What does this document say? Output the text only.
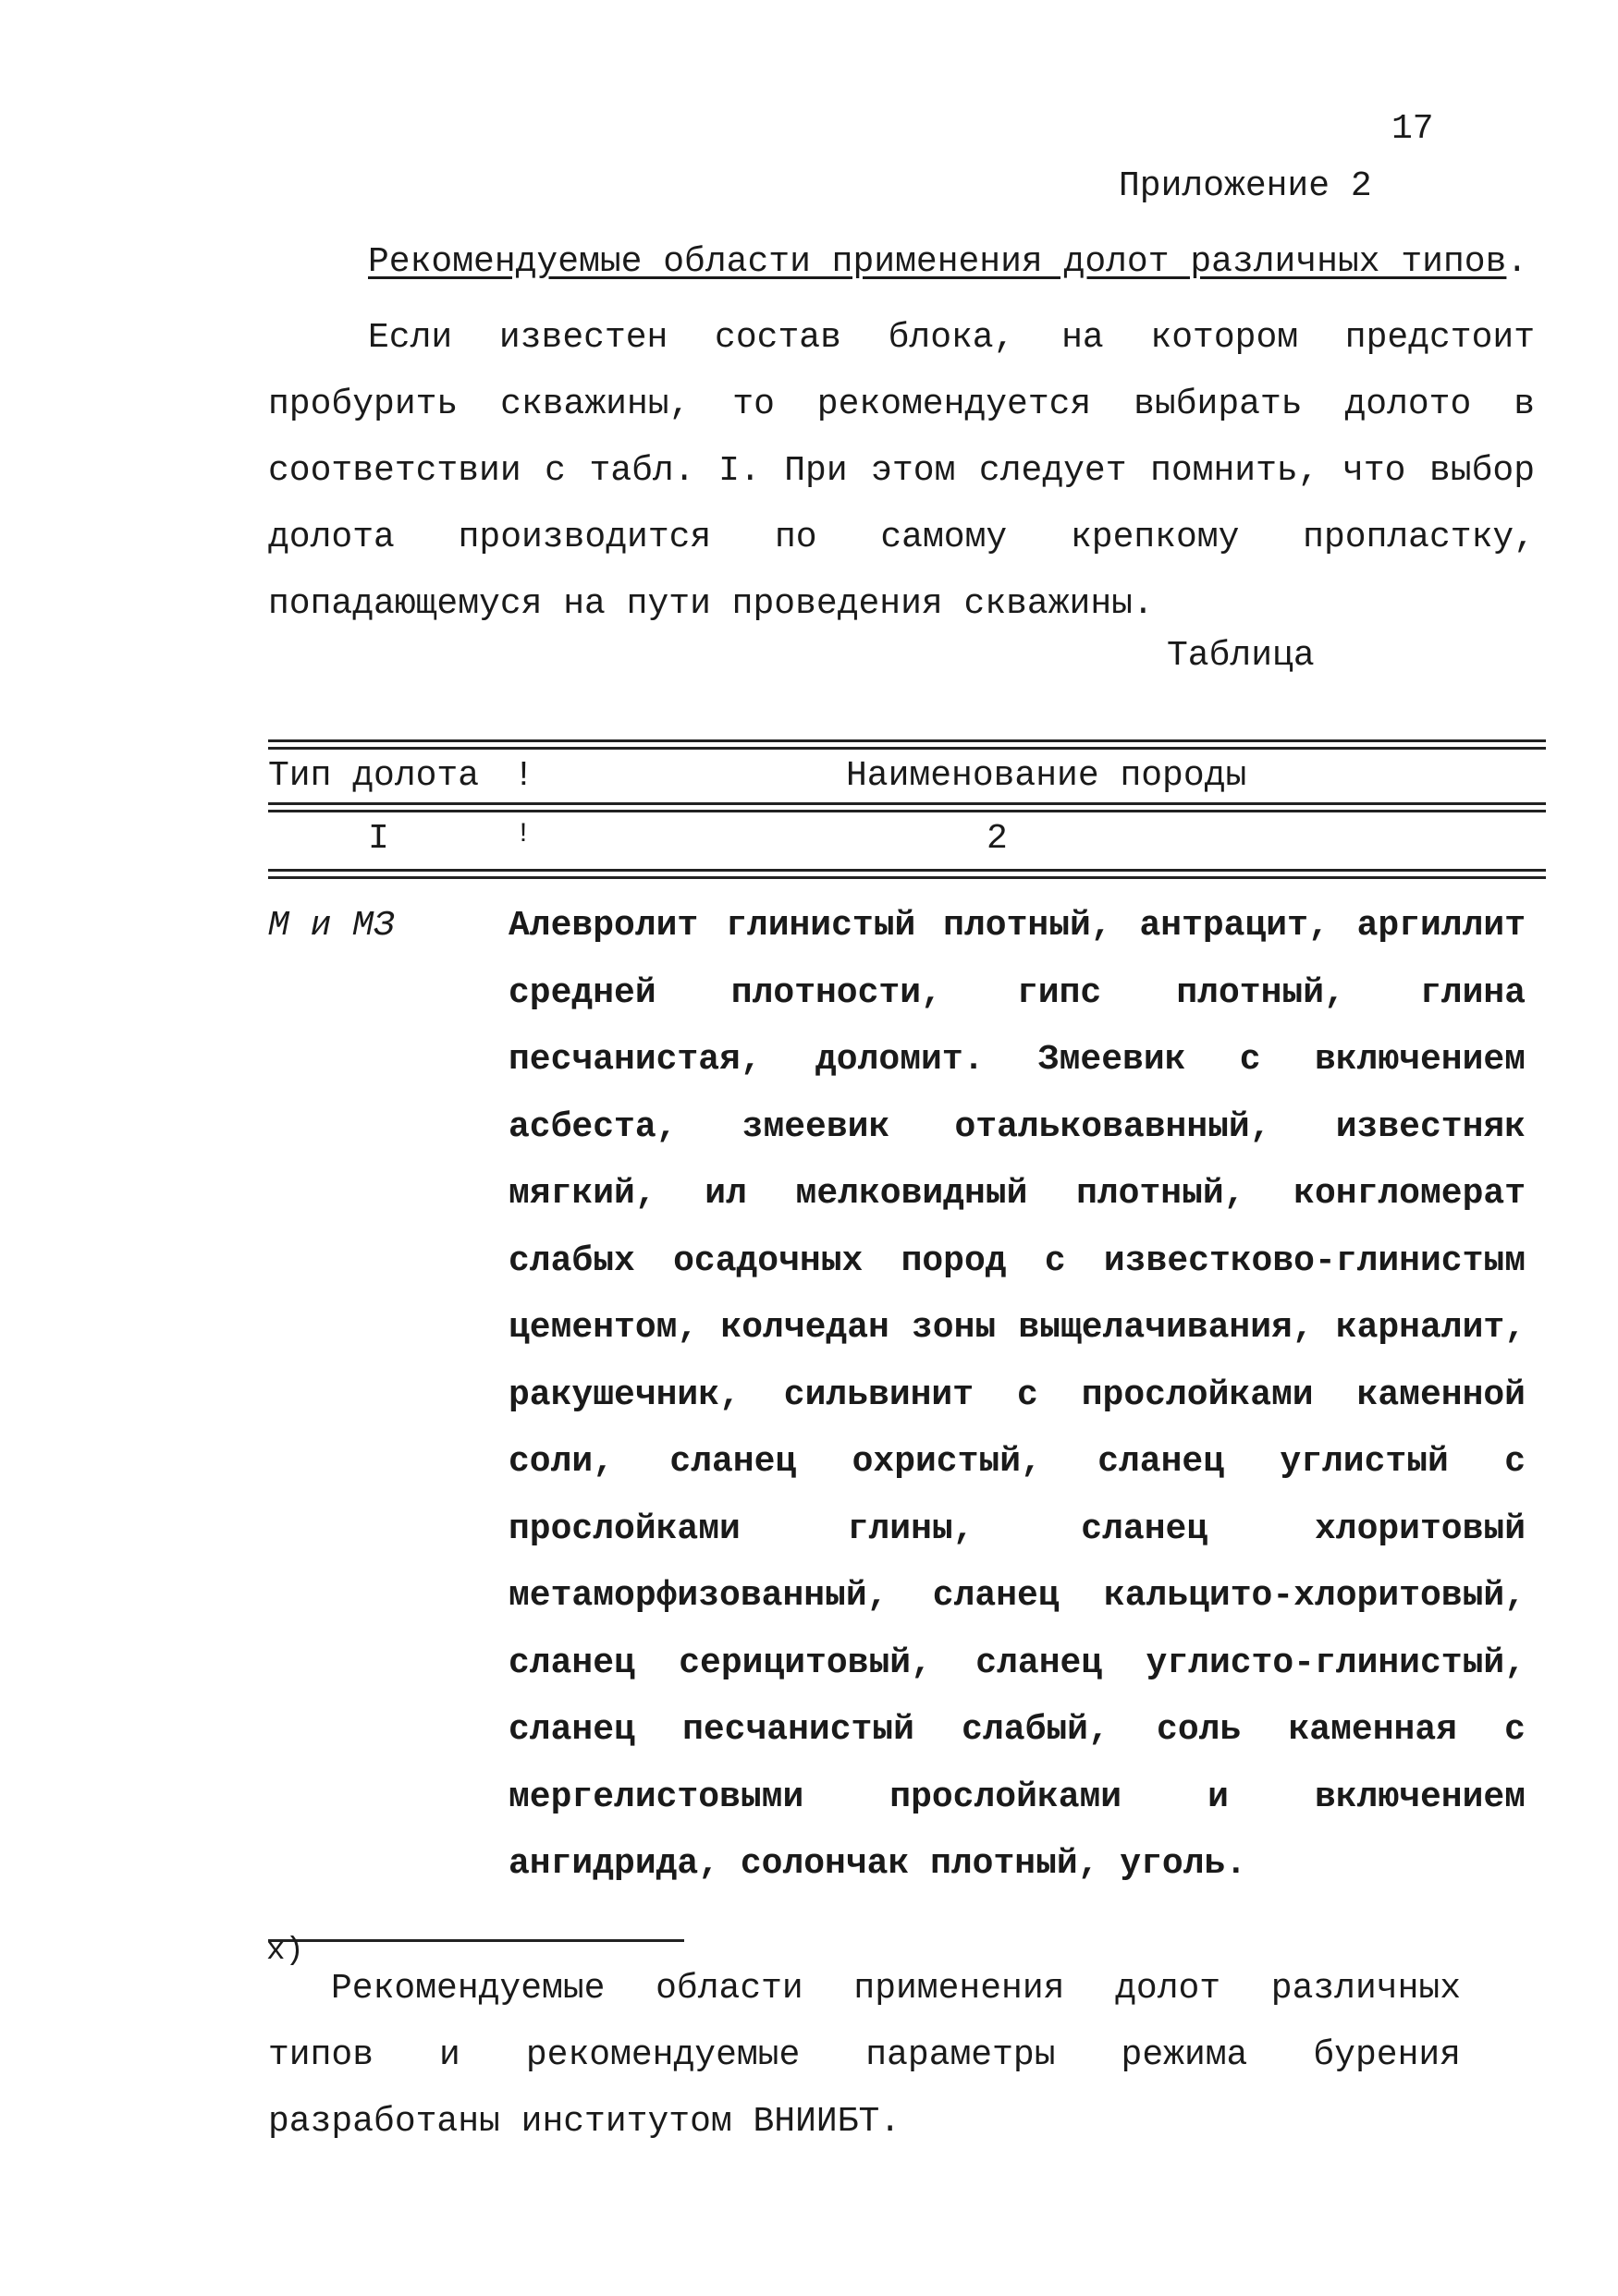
17
Приложение 2
Рекомендуемые области применения долот различных типов.
Если известен состав блока, на котором предстоит пробурить скважины, то рекомендуется выбирать долото в соответствии с табл. I. При этом следует помнить, что выбор долота производится по самому крепкому пропластку, попадающемуся на пути проведения скважины.
Таблица
Тип долота !	Наименование породы
I	!	2
М и МЗ	Алевролит глинистый плотный, антрацит, аргиллит средней плотности, гипс плотный, глина песчанистая, доломит. Змеевик с включением асбеста, змеевик отальковавнный, известняк мягкий, ил мелковидный плотный, конгломерат слабых осадочных пород с известково-глинистым цементом, колчедан зоны выщелачивания, карналит, ракушечник, сильвинит с прослойками каменной соли, сланец охристый, сланец углистый с прослойками глины, сланец хлоритовый метаморфизованный, сланец кальцито-хлоритовый, сланец серицитовый, сланец углисто-глинистый, сланец песчанистый слабый, соль каменная с мергелистовыми прослойками и включением ангидрида, солончак плотный, уголь.
x)
Рекомендуемые области применения долот различных типов и рекомендуемые параметры режима бурения разработаны институтом ВНИИБТ.
